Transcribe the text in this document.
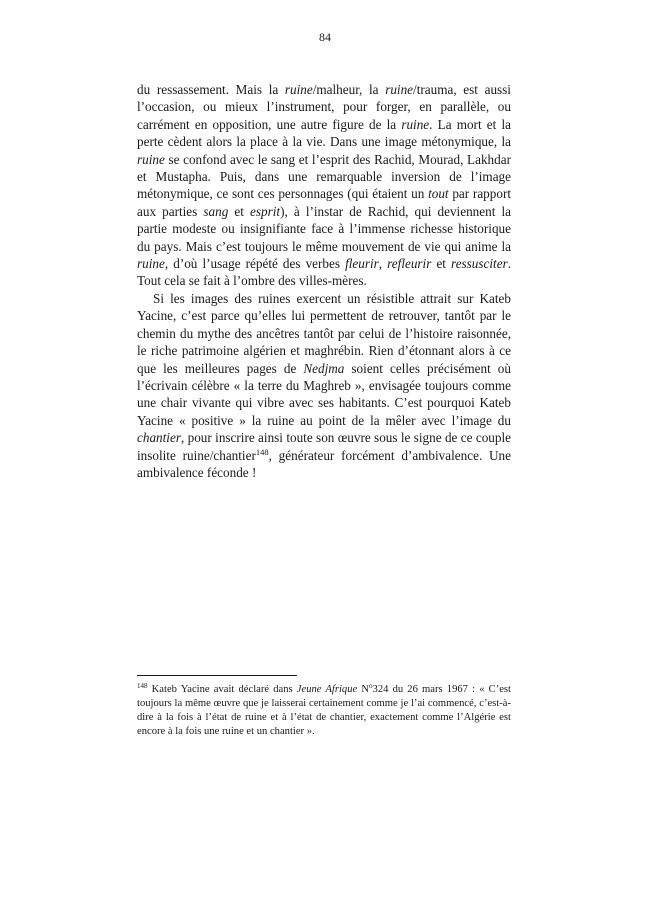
84

du ressassement. Mais la ruine/malheur, la ruine/trauma, est aussi l’occasion, ou mieux l’instrument, pour forger, en parallèle, ou carrément en opposition, une autre figure de la ruine. La mort et la perte cèdent alors la place à la vie. Dans une image métonymique, la ruine se confond avec le sang et l’esprit des Rachid, Mourad, Lakhdar et Mustapha. Puis, dans une remarquable inversion de l’image métonymique, ce sont ces personnages (qui étaient un tout par rapport aux parties sang et esprit), à l’instar de Rachid, qui deviennent la partie modeste ou insignifiante face à l’immense richesse historique du pays. Mais c’est toujours le même mouvement de vie qui anime la ruine, d’où l’usage répété des verbes fleurir, refleurir et ressusciter. Tout cela se fait à l’ombre des villes-mères.

Si les images des ruines exercent un résistible attrait sur Kateb Yacine, c’est parce qu’elles lui permettent de retrouver, tantôt par le chemin du mythe des ancêtres tantôt par celui de l’histoire raisonnée, le riche patrimoine algérien et maghrébin. Rien d’étonnant alors à ce que les meilleures pages de Nedjma soient celles précisément où l’écrivain célèbre « la terre du Maghreb », envisagée toujours comme une chair vivante qui vibre avec ses habitants. C’est pourquoi Kateb Yacine « positive » la ruine au point de la mêler avec l’image du chantier, pour inscrire ainsi toute son œuvre sous le signe de ce couple insolite ruine/chantier$^{148}$, générateur forcément d’ambivalence. Une ambivalence féconde !

$^{148}$ Kateb Yacine avait déclaré dans Jeune Afrique $N^o324$ du 26 mars 1967 : « C’est toujours la même œuvre que je laisserai certainement comme je l’ai commencé, c’est-à-dire à la fois à l’état de ruine et à l’état de chantier, exactement comme l’Algérie est encore à la fois une ruine et un chantier ».
